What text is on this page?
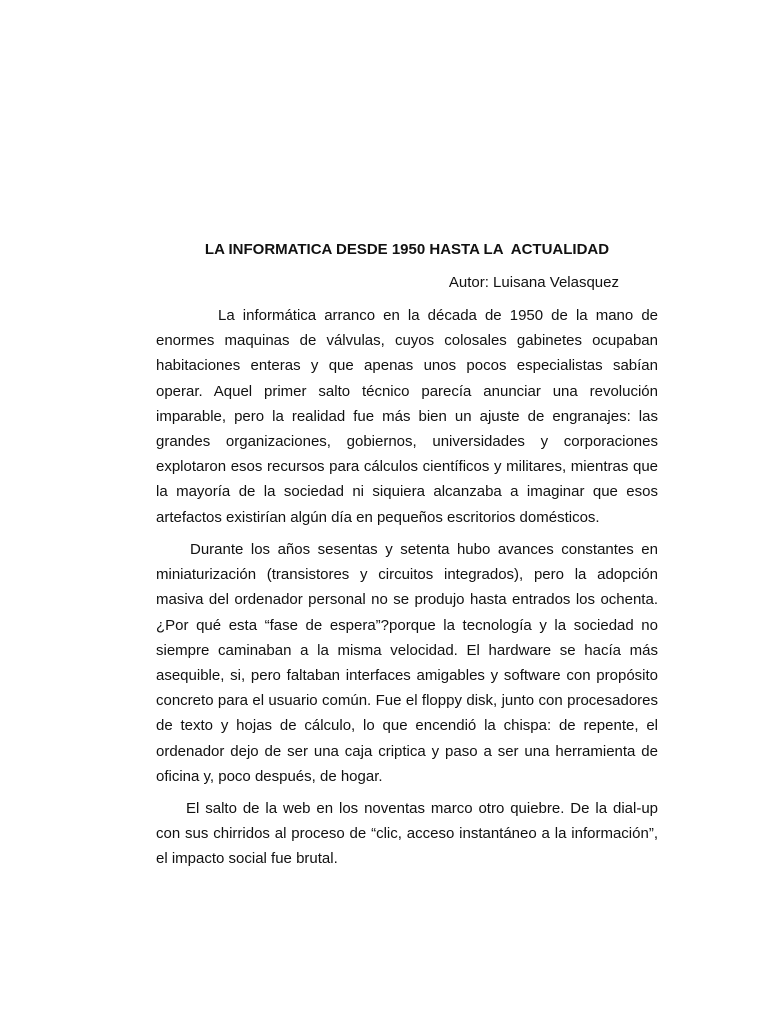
LA INFORMATICA DESDE 1950 HASTA LA  ACTUALIDAD
Autor: Luisana Velasquez

La informática arranco en la década de 1950 de la mano de enormes maquinas de válvulas, cuyos colosales gabinetes ocupaban habitaciones enteras y que apenas unos pocos especialistas sabían operar. Aquel primer salto técnico parecía anunciar una revolución imparable, pero la realidad fue más bien un ajuste de engranajes: las grandes organizaciones, gobiernos, universidades y corporaciones explotaron esos recursos para cálculos científicos y militares, mientras que la mayoría de la sociedad ni siquiera alcanzaba a imaginar que esos artefactos existirían algún día en pequeños escritorios domésticos.

Durante los años sesentas y setenta hubo avances constantes en miniaturización (transistores y circuitos integrados), pero la adopción masiva del ordenador personal no se produjo hasta entrados los ochenta. ¿Por qué esta “fase de espera”?porque la tecnología y la sociedad no siempre caminaban a la misma velocidad. El hardware se hacía más asequible, si, pero faltaban interfaces amigables y software con propósito concreto para el usuario común. Fue el floppy disk, junto con procesadores de texto y hojas de cálculo, lo que encendió la chispa: de repente, el ordenador dejo de ser una caja criptica y paso a ser una herramienta de oficina y, poco después, de hogar.

El salto de la web en los noventas marco otro quiebre. De la dial-up con sus chirridos al proceso de “clic, acceso instantáneo a la información”, el impacto social fue brutal.
